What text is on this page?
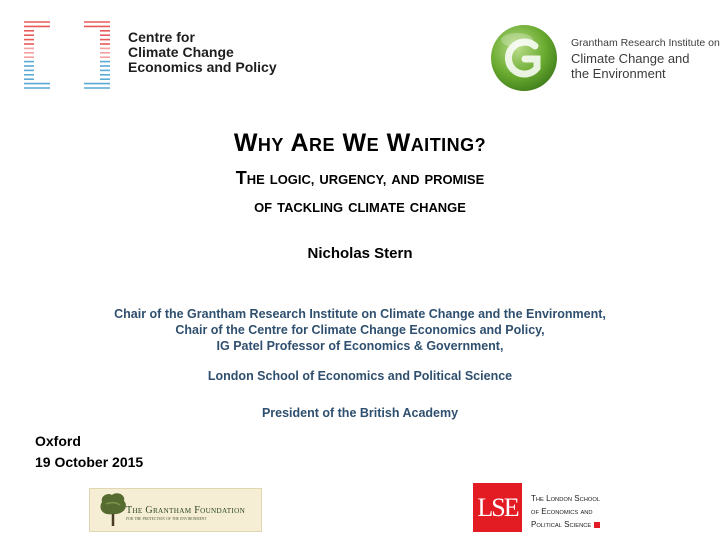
Centre for
Climate Change
Economics and Policy
Grantham Research Institute on
Climate Change and
the Environment
WHY ARE WE WAITING?
THE LOGIC, URGENCY, AND PROMISE
OF TACKLING CLIMATE CHANGE
Nicholas Stern
Chair of the Grantham Research Institute on Climate Change and the Environment,
Chair of the Centre for Climate Change Economics and Policy,
IG Patel Professor of Economics & Government,
London School of Economics and Political Science
President of the British Academy
Oxford
19 October 2015
THE GRANTHAM FOUNDATION
FOR THE PROTECTION OF THE ENVIRONMENT	LSE	THE LONDON SCHOOL
OF ECONOMICS AND
POLITICAL SCIENCE
